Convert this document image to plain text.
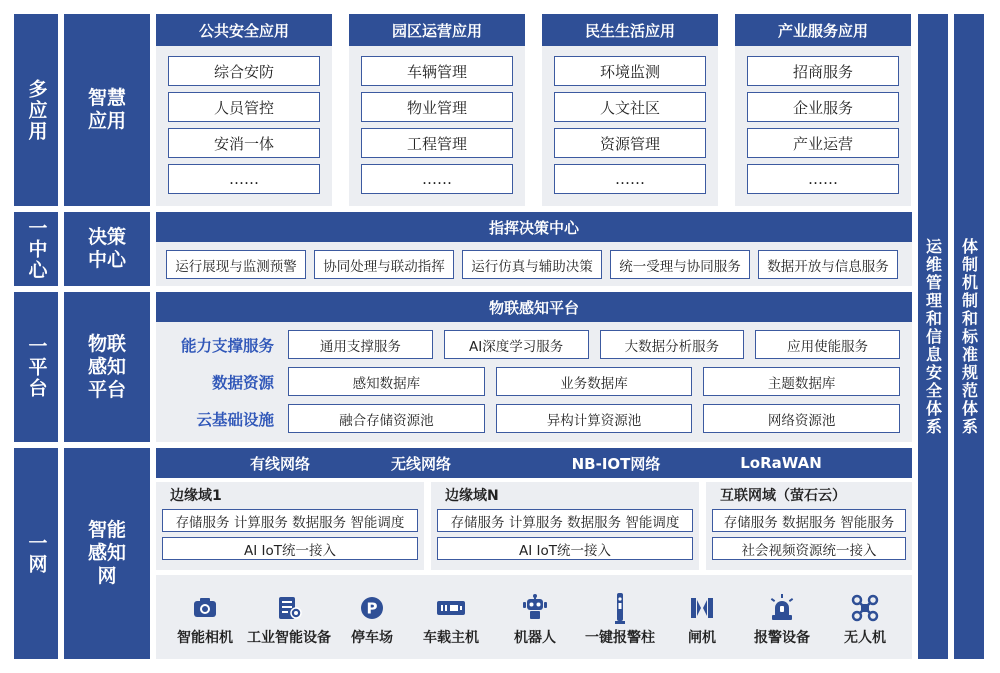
多应用
一中心
一平台
一网
智慧应用
决策中心
物联感知平台
智能感知网
公共安全应用
综合安防
人员管控
安消一体
……
园区运营应用
车辆管理
物业管理
工程管理
……
民生生活应用
环境监测
人文社区
资源管理
……
产业服务应用
招商服务
企业服务
产业运营
……
指挥决策中心
运行展现与监测预警	协同处理与联动指挥	运行仿真与辅助决策	统一受理与协同服务	数据开放与信息服务
物联感知平台
能力支撑服务	通用支撑服务	AI深度学习服务	大数据分析服务	应用使能服务
数据资源	感知数据库	业务数据库	主题数据库
云基础设施	融合存储资源池	异构计算资源池	网络资源池
有线网络	无线网络	NB-IOT网络	LoRaWAN
边缘域1
存储服务 计算服务 数据服务 智能调度
AI IoT统一接入
边缘域N
存储服务 计算服务 数据服务 智能调度
AI IoT统一接入
互联网域（萤石云）
存储服务 数据服务 智能服务
社会视频资源统一接入
智能相机 工业智能设备
P
停车场 车载主机	机器人 一键报警柱 闸机	报警设备 无人机
运维管理和信息安全体系 体制机制和标准规范体系
